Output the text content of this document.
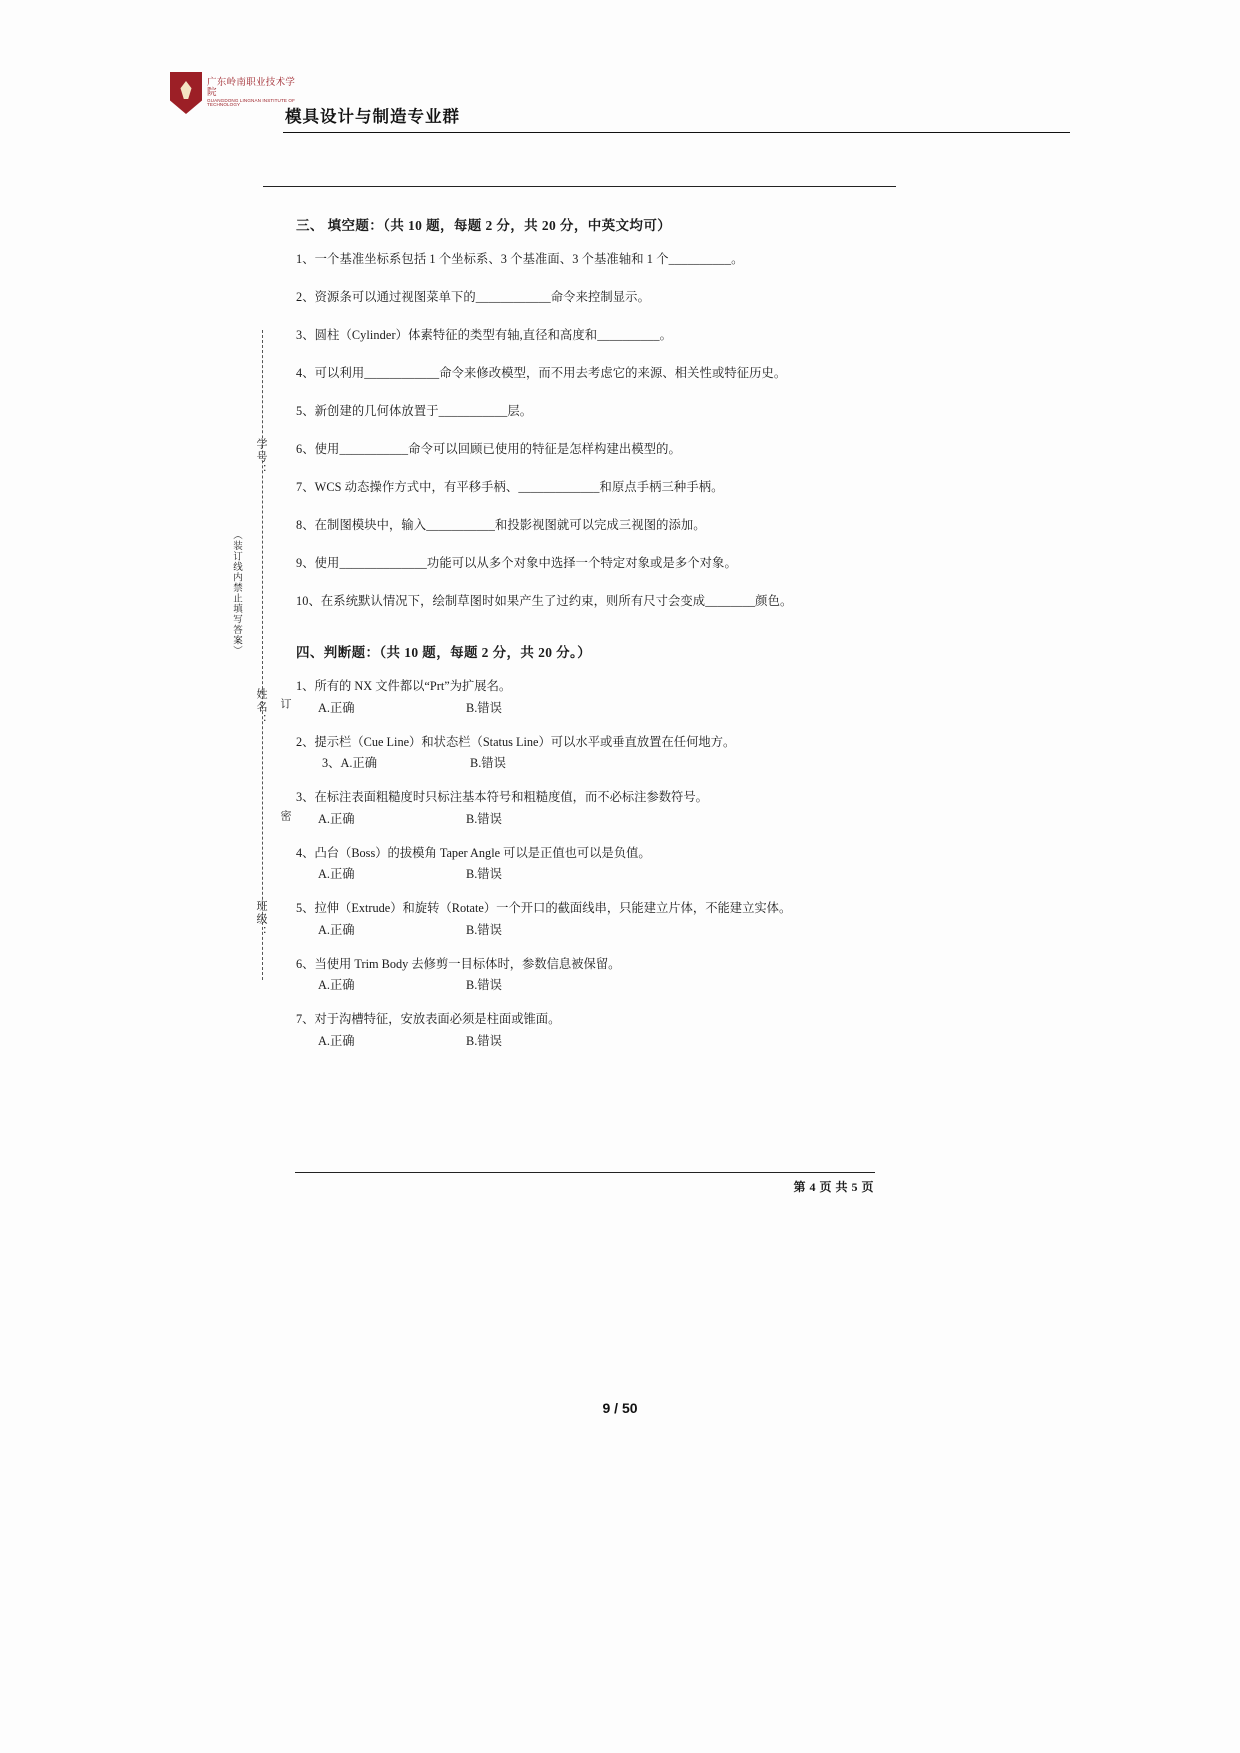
广东岭南职业技术学院
GUANGDONG LINGNAN INSTITUTE OF TECHNOLOGY
模具设计与制造专业群
学号：
姓名：
班级：
订
密
（装订线内禁止填写答案）
三、 填空题：（共 10 题，每题 2 分，共 20 分，中英文均可）

1、一个基准坐标系包括 1 个坐标系、3 个基准面、3 个基准轴和 1 个__________。

2、资源条可以通过视图菜单下的____________命令来控制显示。

3、圆柱（Cylinder）体素特征的类型有轴,直径和高度和__________。

4、可以利用____________命令来修改模型，而不用去考虑它的来源、相关性或特征历史。

5、新创建的几何体放置于___________层。

6、使用___________命令可以回顾已使用的特征是怎样构建出模型的。

7、WCS 动态操作方式中，有平移手柄、_____________和原点手柄三种手柄。

8、在制图模块中，输入___________和投影视图就可以完成三视图的添加。

9、使用______________功能可以从多个对象中选择一个特定对象或是多个对象。

10、在系统默认情况下，绘制草图时如果产生了过约束，则所有尺寸会变成________颜色。

四、判断题：（共 10 题，每题 2 分，共 20 分。）

1、所有的 NX 文件都以“Prt”为扩展名。

A.正确	B.错误

2、提示栏（Cue Line）和状态栏（Status Line）可以水平或垂直放置在任何地方。

3、A.正确	B.错误

3、在标注表面粗糙度时只标注基本符号和粗糙度值，而不必标注参数符号。

A.正确	B.错误

4、凸台（Boss）的拔模角 Taper Angle 可以是正值也可以是负值。

A.正确	B.错误

5、拉伸（Extrude）和旋转（Rotate）一个开口的截面线串，只能建立片体，不能建立实体。

A.正确	B.错误

6、当使用 Trim Body 去修剪一目标体时，参数信息被保留。

A.正确	B.错误

7、对于沟槽特征，安放表面必须是柱面或锥面。

A.正确	B.错误
第 4 页 共 5 页
9 / 50
